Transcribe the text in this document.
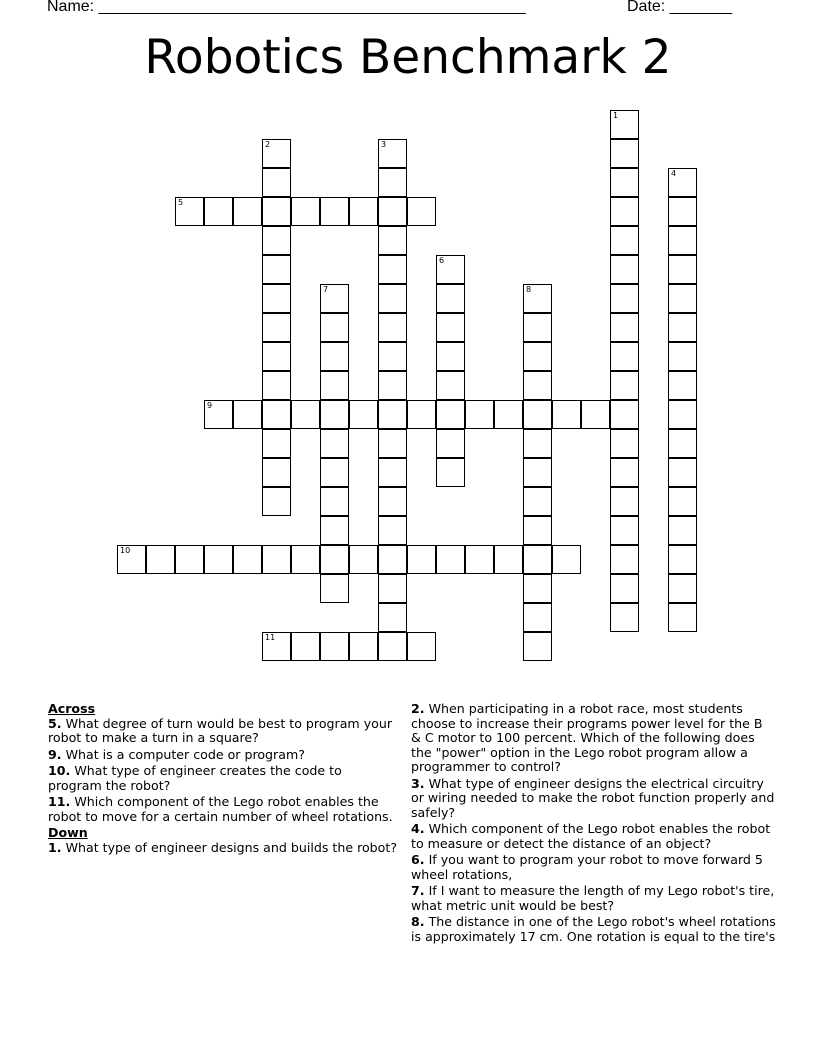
Name: ________________________________________________	Date: _______
Robotics Benchmark 2
1
2	3
4
5
6
7	8
9
10
11
Across
5. What degree of turn would be best to program your robot to make a turn in a square?
9. What is a computer code or program?
10. What type of engineer creates the code to program the robot?
11. Which component of the Lego robot enables the robot to move for a certain number of wheel rotations.
Down
1. What type of engineer designs and builds the robot?
2. When participating in a robot race, most students choose to increase their programs power level for the B & C motor to 100 percent. Which of the following does the "power" option in the Lego robot program allow a programmer to control?
3. What type of engineer designs the electrical circuitry or wiring needed to make the robot function properly and safely?
4. Which component of the Lego robot enables the robot to measure or detect the distance of an object?
6. If you want to program your robot to move forward 5 wheel rotations,
7. If I want to measure the length of my Lego robot's tire, what metric unit would be best?
8. The distance in one of the Lego robot's wheel rotations is approximately 17 cm. One rotation is equal to the tire's
